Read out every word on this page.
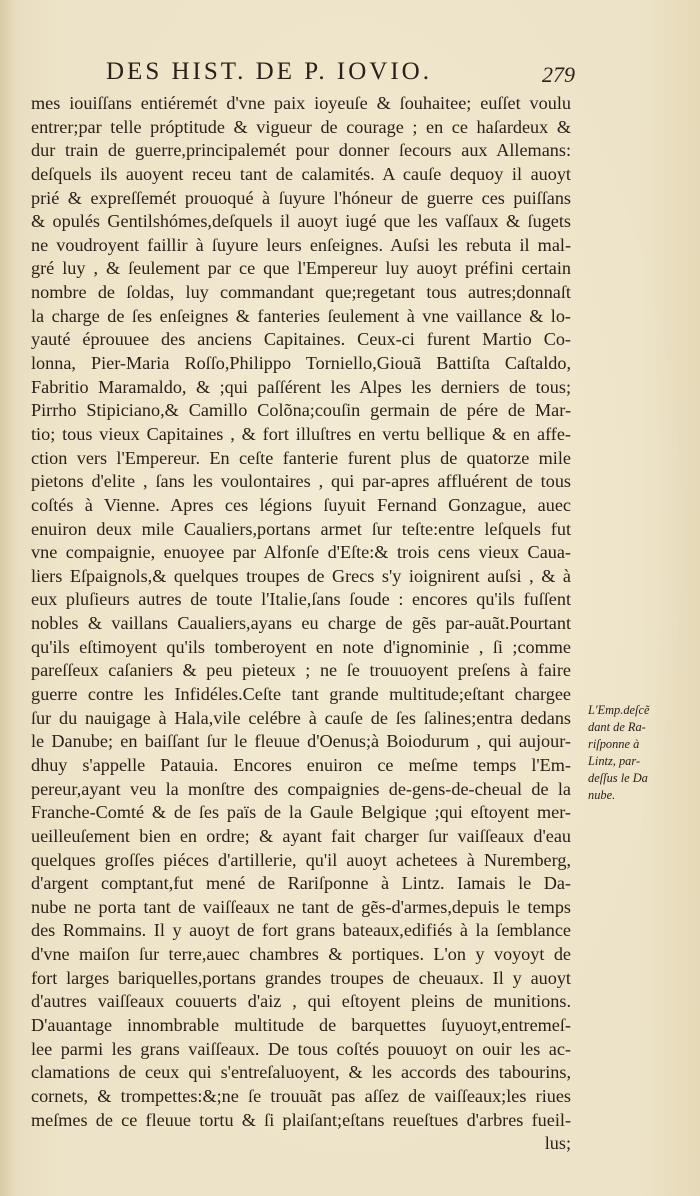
DES HIST. DE P. IOVIO.	279
mes iouiſſans entiéremét d'vne paix ioyeuſe & ſouhaitee; euſſet voulu
entrer;par telle próptitude & vigueur de courage ; en ce haſardeux &
dur train de guerre,principalemét pour donner ſecours aux Allemans:
deſquels ils auoyent receu tant de calamités. A cauſe dequoy il auoyt
prié & expreſſemét prouoqué à ſuyure l'hóneur de guerre ces puiſſans
& opulés Gentilshómes,deſquels il auoyt iugé que les vaſſaux & ſugets
ne voudroyent faillir à ſuyure leurs enſeignes. Auſsi les rebuta il mal-
gré luy , & ſeulement par ce que l'Empereur luy auoyt préfini certain
nombre de ſoldas, luy commandant que;regetant tous autres;donnaſt
la charge de ſes enſeignes & fanteries ſeulement à vne vaillance & lo-
yauté éprouuee des anciens Capitaines. Ceux-ci furent Martio Co-
lonna, Pier-Maria Roſſo,Philippo Torniello,Giouã Battiſta Caſtaldo,
Fabritio Maramaldo, & ;qui paſſérent les Alpes les derniers de tous;
Pirrho Stipiciano,& Camillo Colõna;couſin germain de pére de Mar-
tio; tous vieux Capitaines , & fort illuſtres en vertu bellique & en affe-
ction vers l'Empereur. En ceſte fanterie furent plus de quatorze mile
pietons d'elite , ſans les voulontaires , qui par-apres affluérent de tous
coſtés à Vienne. Apres ces légions ſuyuit Fernand Gonzague, auec
enuiron deux mile Caualiers,portans armet ſur teſte:entre leſquels fut
vne compaignie, enuoyee par Alfonſe d'Eſte:& trois cens vieux Caua-
liers Eſpaignols,& quelques troupes de Grecs s'y ioignirent auſsi , & à
eux pluſieurs autres de toute l'Italie,ſans ſoude : encores qu'ils fuſſent
nobles & vaillans Caualiers,ayans eu charge de gẽs par-auãt.Pourtant
qu'ils eſtimoyent qu'ils tomberoyent en note d'ignominie , ſi ;comme
pareſſeux caſaniers & peu pieteux ; ne ſe trouuoyent preſens à faire
guerre contre les Infidéles.Ceſte tant grande multitude;eſtant chargee
ſur du nauigage à Hala,vile celébre à cauſe de ſes ſalines;entra dedans
le Danube; en baiſſant ſur le fleuue d'Oenus;à Boiodurum , qui aujour-
dhuy s'appelle Patauia. Encores enuiron ce meſme temps l'Em-
pereur,ayant veu la monſtre des compaignies de-gens-de-cheual de la
Franche-Comté & de ſes païs de la Gaule Belgique ;qui eſtoyent mer-
ueilleuſement bien en ordre; & ayant fait charger ſur vaiſſeaux d'eau
quelques groſſes piéces d'artillerie, qu'il auoyt achetees à Nuremberg,
d'argent comptant,fut mené de Rariſponne à Lintz. Iamais le Da-
nube ne porta tant de vaiſſeaux ne tant de gẽs-d'armes,depuis le temps
des Rommains. Il y auoyt de fort grans bateaux,edifiés à la ſemblance
d'vne maiſon ſur terre,auec chambres & portiques. L'on y voyoyt de
fort larges bariquelles,portans grandes troupes de cheuaux. Il y auoyt
d'autres vaiſſeaux couuerts d'aiz , qui eſtoyent pleins de munitions.
D'auantage innombrable multitude de barquettes ſuyuoyt,entremeſ-
lee parmi les grans vaiſſeaux. De tous coſtés pouuoyt on ouir les ac-
clamations de ceux qui s'entreſaluoyent, & les accords des tabourins,
cornets, & trompettes:&;ne ſe trouuãt pas aſſez de vaiſſeaux;les riues
meſmes de ce fleuue tortu & ſi plaiſant;eſtans reueſtues d'arbres fueil-
lus;
L'Emp.deſcẽ
dant de Ra-
riſponne à
Lintz, par-
deſſus le Da
nube.
